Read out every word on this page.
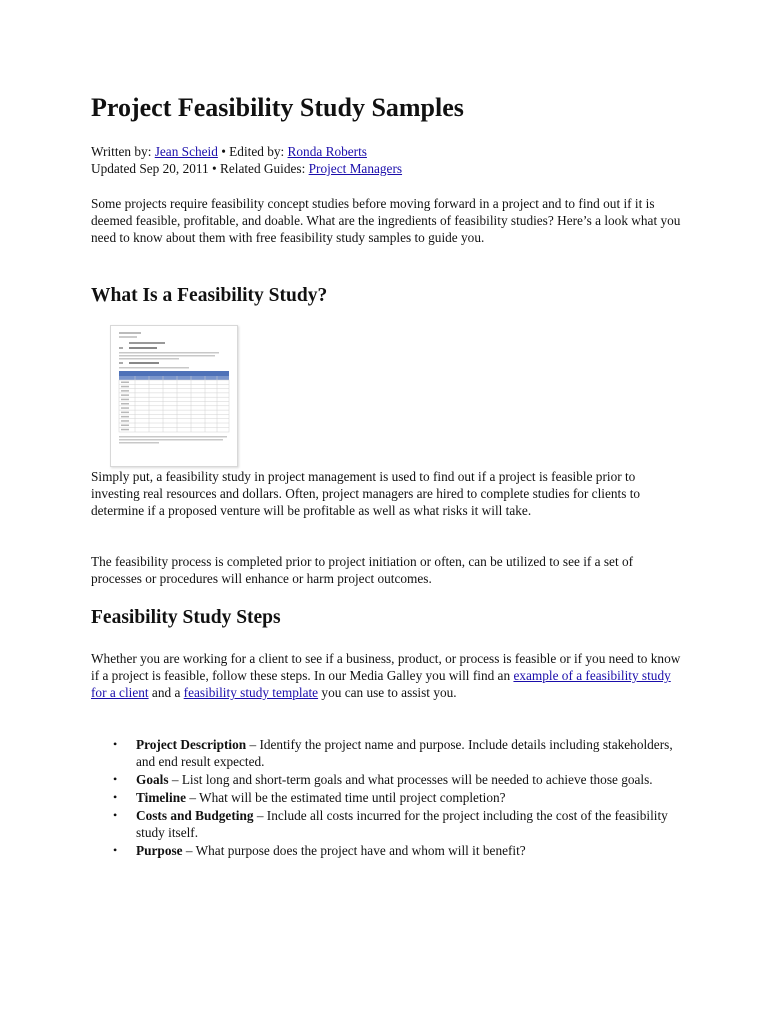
Project Feasibility Study Samples
Written by: Jean Scheid • Edited by: Ronda Roberts
Updated Sep 20, 2011 • Related Guides: Project Managers

Some projects require feasibility concept studies before moving forward in a project and to find out if it is deemed feasible, profitable, and doable. What are the ingredients of feasibility studies? Here’s a look what you need to know about them with free feasibility study samples to guide you.

What Is a Feasibility Study?

Simply put, a feasibility study in project management is used to find out if a project is feasible prior to investing real resources and dollars. Often, project managers are hired to complete studies for clients to determine if a proposed venture will be profitable as well as what risks it will take.

The feasibility process is completed prior to project initiation or often, can be utilized to see if a set of processes or procedures will enhance or harm project outcomes.

Feasibility Study Steps

Whether you are working for a client to see if a business, product, or process is feasible or if you need to know if a project is feasible, follow these steps. In our Media Galley you will find an example of a feasibility study for a client and a feasibility study template you can use to assist you.

• Project Description – Identify the project name and purpose. Include details including stakeholders, and end result expected.
• Goals – List long and short-term goals and what processes will be needed to achieve those goals.
• Timeline – What will be the estimated time until project completion?
• Costs and Budgeting – Include all costs incurred for the project including the cost of the feasibility study itself.
• Purpose – What purpose does the project have and whom will it benefit?
